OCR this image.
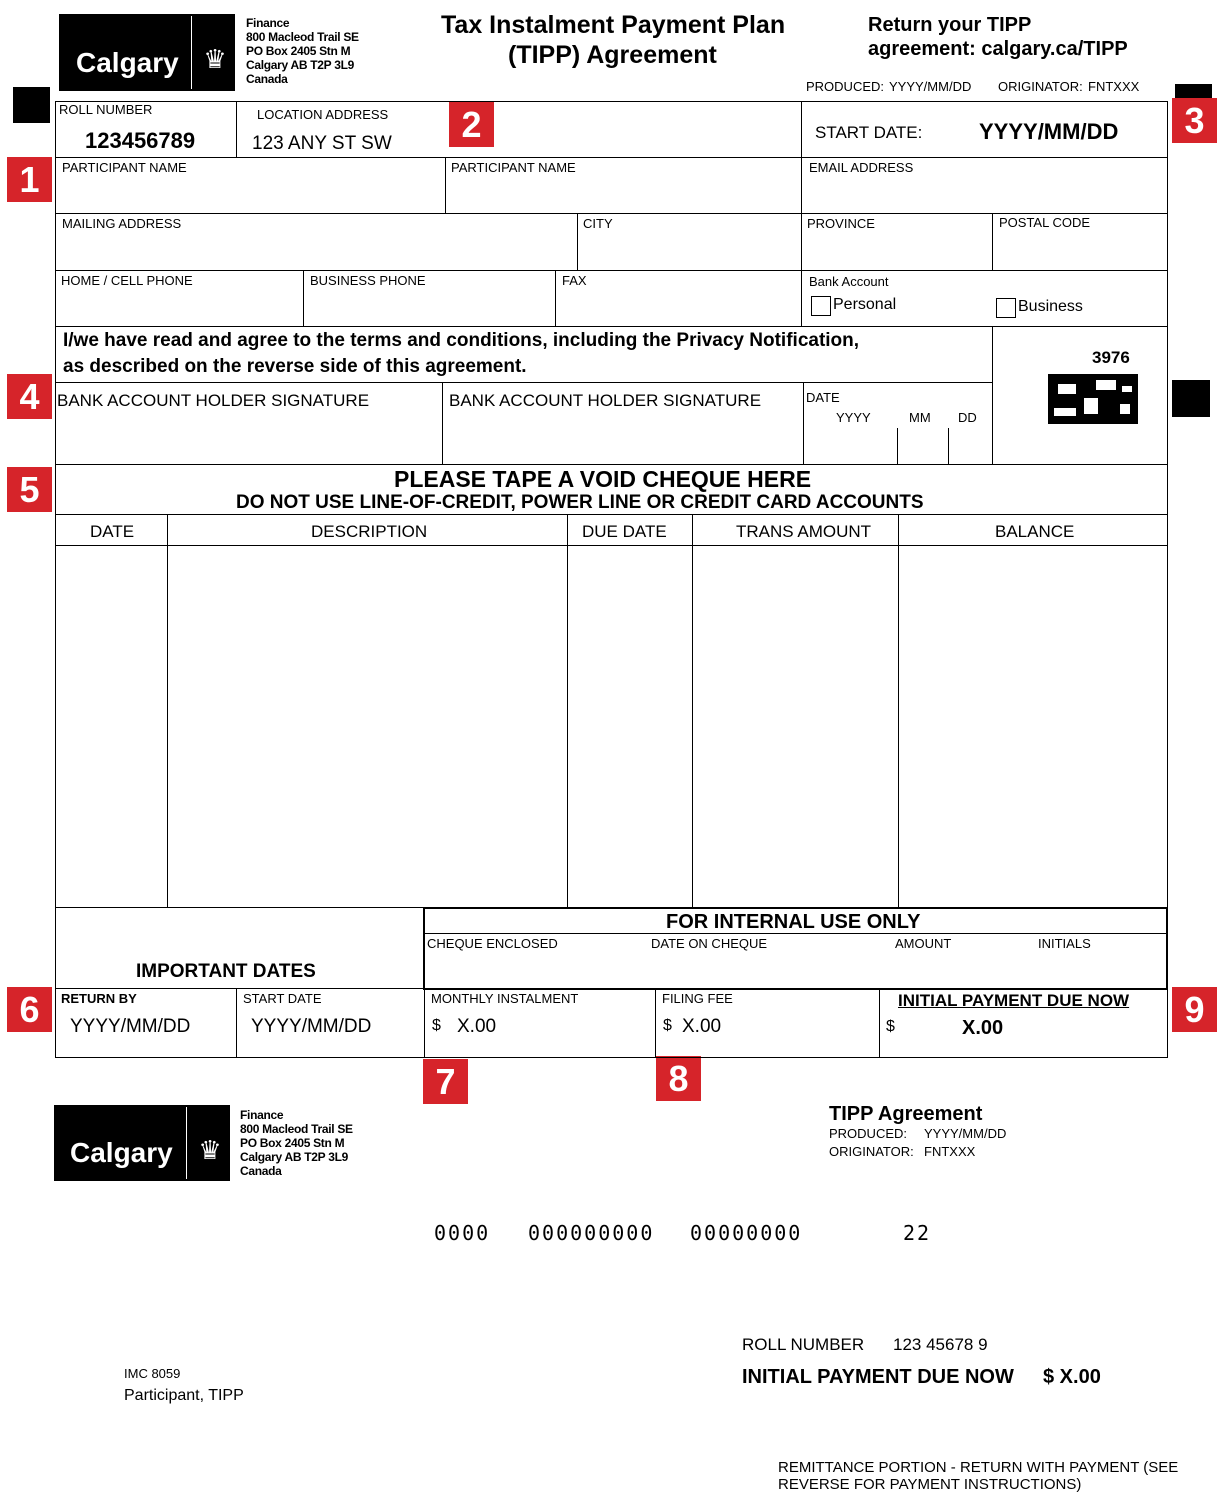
Calgary ♛
Finance
800 Macleod Trail SE
PO Box 2405 Stn M
Calgary AB T2P 3L9
Canada
Tax Instalment Payment Plan
(TIPP) Agreement
Return your TIPP
agreement: calgary.ca/TIPP
PRODUCED: YYYY/MM/DD ORIGINATOR: FNTXXX
1
2	3
4
5
6
7	8
9
ROLL NUMBER
123456789
LOCATION ADDRESS
123 ANY ST SW
START DATE:	YYYY/MM/DD
PARTICIPANT NAME	PARTICIPANT NAME	EMAIL ADDRESS
MAILING ADDRESS	CITY	PROVINCE	POSTAL CODE
HOME / CELL PHONE	BUSINESS PHONE	FAX	Bank Account
Personal	Business
I/we have read and agree to the terms and conditions, including the Privacy Notification,
as described on the reverse side of this agreement.	3976
BANK ACCOUNT HOLDER SIGNATURE	BANK ACCOUNT HOLDER SIGNATURE	DATE
YYYY	MM DD
PLEASE TAPE A VOID CHEQUE HERE
DO NOT USE LINE-OF-CREDIT, POWER LINE OR CREDIT CARD ACCOUNTS
DATE	DESCRIPTION	DUE DATE	TRANS AMOUNT	BALANCE
FOR INTERNAL USE ONLY
CHEQUE ENCLOSED	DATE ON CHEQUE	AMOUNT	INITIALS
IMPORTANT DATES
RETURN BY
YYYY/MM/DD
START DATE
YYYY/MM/DD
MONTHLY INSTALMENT
$ X.00
FILING FEE
$ X.00
INITIAL PAYMENT DUE NOW
$	X.00
Calgary ♛
Finance
800 Macleod Trail SE
PO Box 2405 Stn M
Calgary AB T2P 3L9
Canada
TIPP Agreement
PRODUCED: YYYY/MM/DD
ORIGINATOR: FNTXXX
0000 000000000 00000000	22
ROLL NUMBER 123 45678 9
INITIAL PAYMENT DUE NOW $ X.00
IMC 8059
Participant, TIPP
REMITTANCE PORTION - RETURN WITH PAYMENT (SEE
REVERSE FOR PAYMENT INSTRUCTIONS)
